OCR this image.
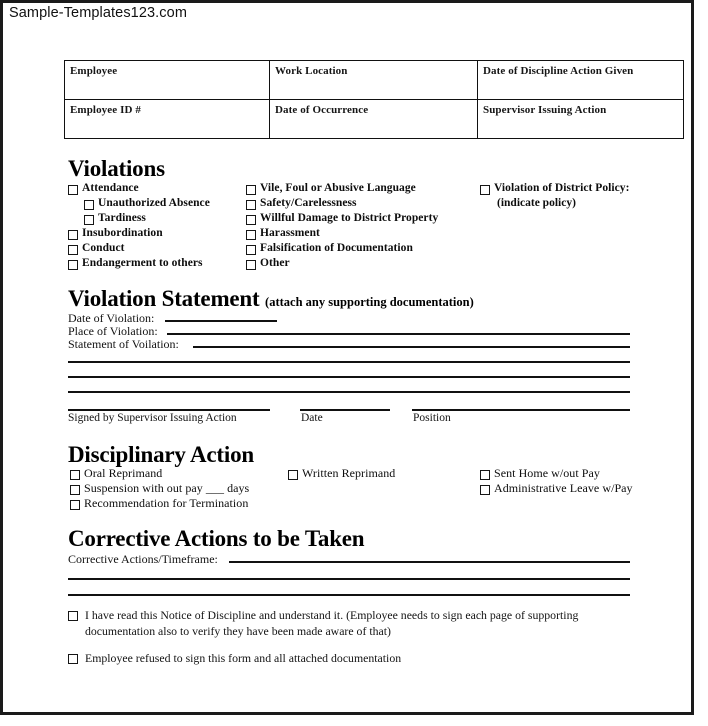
Sample-Templates123.com
Employee	Work Location	Date of Discipline Action Given
Employee ID #	Date of Occurrence	Supervisor Issuing Action
Violations
Attendance
Unauthorized Absence
Tardiness
Insubordination
Conduct
Endangerment to others
Vile, Foul or Abusive Language
Safety/Carelessness
Willful Damage to District Property
Harassment
Falsification of Documentation
Other
Violation of District Policy:
(indicate policy)
Violation Statement (attach any supporting documentation)
Date of Violation:
Place of Violation:
Statement of Voilation:
Signed by Supervisor Issuing Action	Date	Position
Disciplinary Action
Oral Reprimand
Suspension with out pay ___ days
Recommendation for Termination
Written Reprimand	Sent Home w/out Pay
Administrative Leave w/Pay
Corrective Actions to be Taken
Corrective Actions/Timeframe:
I have read this Notice of Discipline and understand it. (Employee needs to sign each page of supporting documentation also to verify they have been made aware of that)
Employee refused to sign this form and all attached documentation
